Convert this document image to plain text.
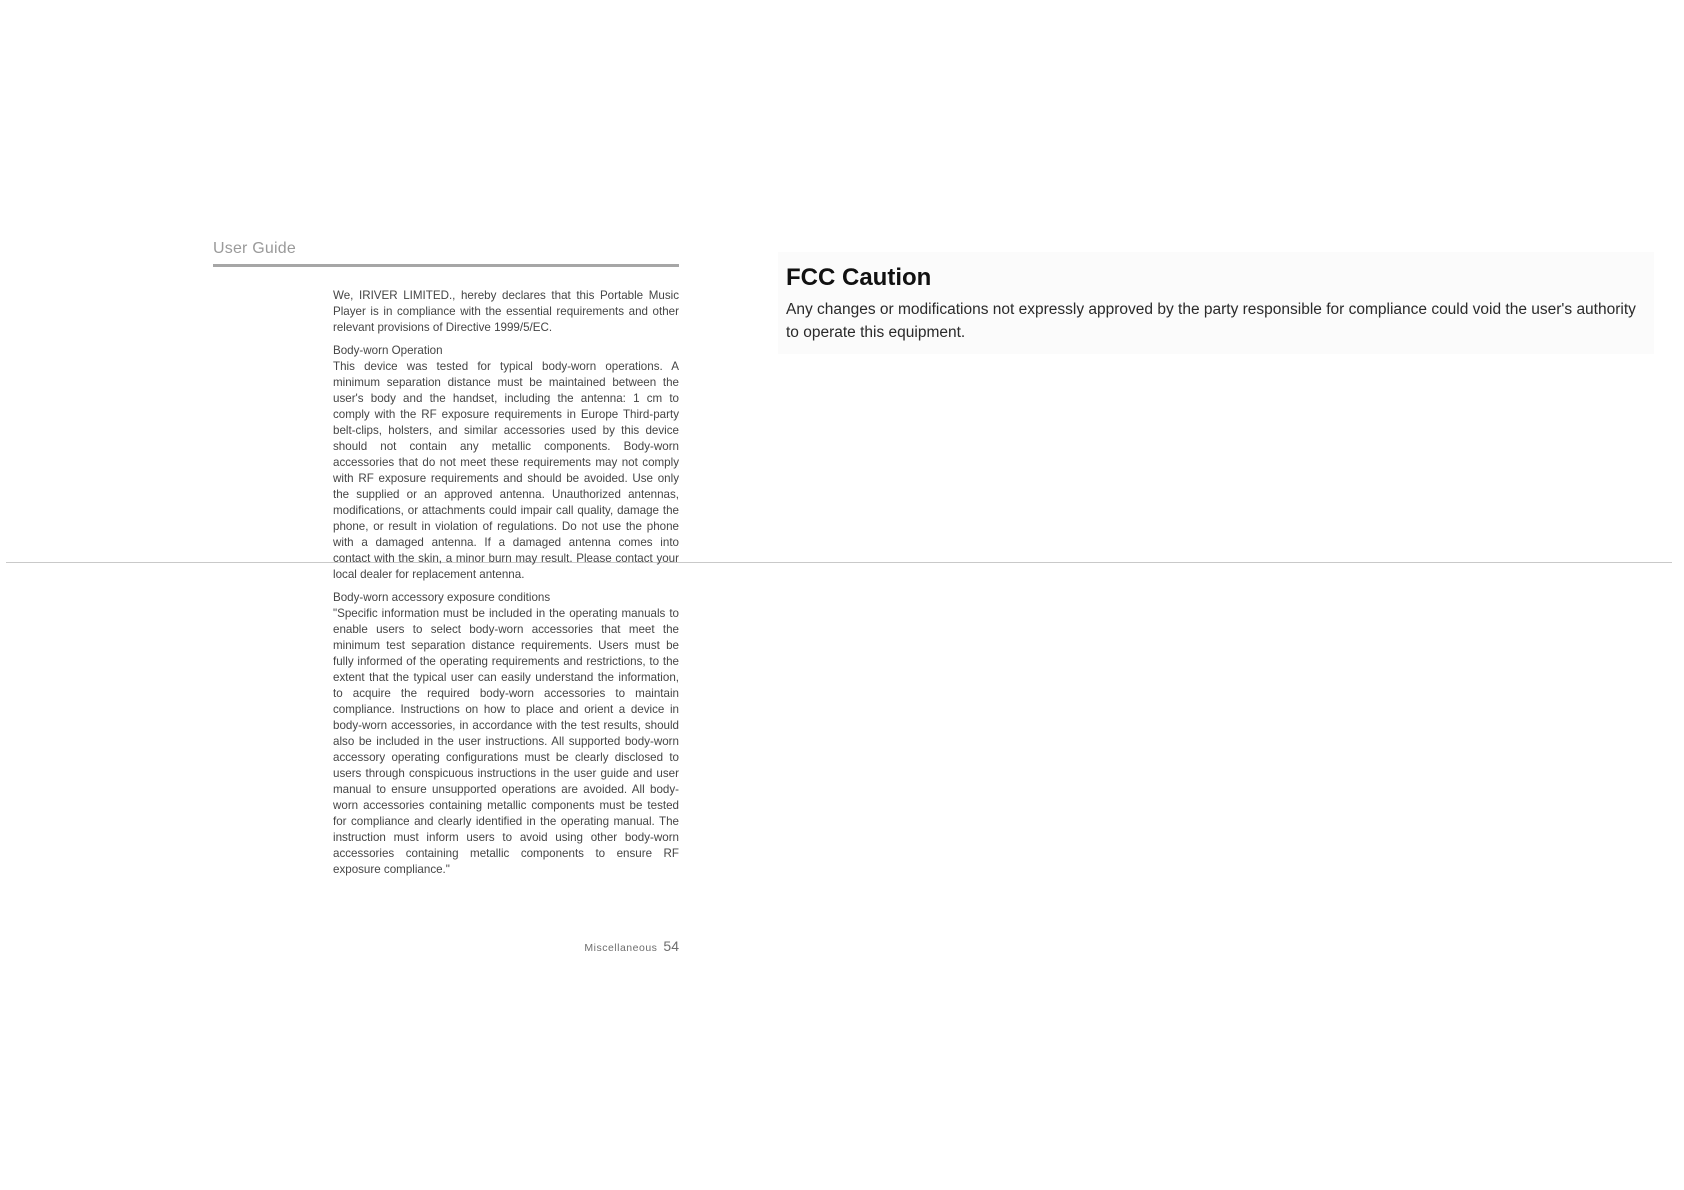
User Guide

We, IRIVER LIMITED., hereby declares that this Portable Music Player is in compliance with the essential requirements and other relevant provisions of Directive 1999/5/EC.

Body-worn Operation

This device was tested for typical body-worn operations. A minimum separation distance must be maintained between the user's body and the handset, including the antenna: 1 cm to comply with the RF exposure requirements in Europe Third-party belt-clips, holsters, and similar accessories used by this device should not contain any metallic components. Body-worn accessories that do not meet these requirements may not comply with RF exposure requirements and should be avoided. Use only the supplied or an approved antenna. Unauthorized antennas, modifications, or attachments could impair call quality, damage the phone, or result in violation of regulations. Do not use the phone with a damaged antenna. If a damaged antenna comes into contact with the skin, a minor burn may result. Please contact your local dealer for replacement antenna.

Body-worn accessory exposure conditions

"Specific information must be included in the operating manuals to enable users to select body-worn accessories that meet the minimum test separation distance requirements. Users must be fully informed of the operating requirements and restrictions, to the extent that the typical user can easily understand the information, to acquire the required body-worn accessories to maintain compliance. Instructions on how to place and orient a device in body-worn accessories, in accordance with the test results, should also be included in the user instructions. All supported body-worn accessory operating configurations must be clearly disclosed to users through conspicuous instructions in the user guide and user manual to ensure unsupported operations are avoided. All body-worn accessories containing metallic components must be tested for compliance and clearly identified in the operating manual. The instruction must inform users to avoid using other body-worn accessories containing metallic components to ensure RF exposure compliance."

Miscellaneous 54
FCC Caution

Any changes or modifications not expressly approved by the party responsible for compliance could void the user's authority to operate this equipment.
